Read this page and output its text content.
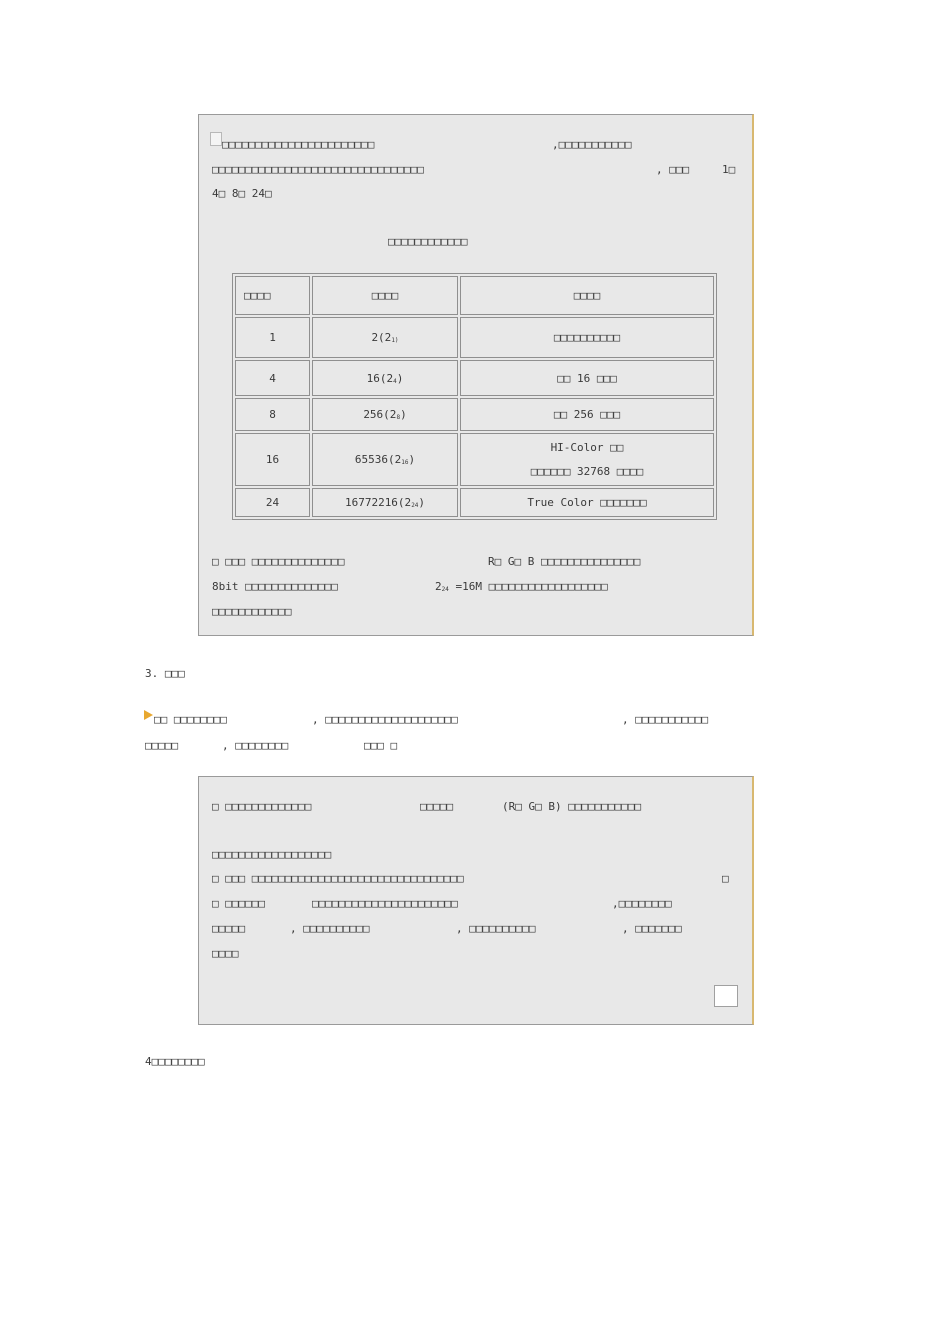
□□□□□□□□□□□□□□□□□□□□□□□	,□□□□□□□□□□□
□□□□□□□□□□□□□□□□□□□□□□□□□□□□□□□□	, □□□	1□
4□ 8□ 24□
□□□□□□□□□□□□
□□□□	□□□□	□□□□
1	2(2$^{1)}$	□□□□□□□□□□
4	$16(2^4)$	□□ 16 □□□
8	$256(2^8)$	□□ 256 □□□
16	$65536(2^{16})$	HI-Color □□
□□□□□□ 32768 □□□□

24	$16772216(2^{24})$	True Color □□□□□□□
□ □□□ □□□□□□□□□□□□□□	R□ G□ B □□□□□□□□□□□□□□□
8bit □□□□□□□□□□□□□□	$2^{24} =16M$ □□□□□□□□□□□□□□□□□□
□□□□□□□□□□□□
3. □□□
□□ □□□□□□□□	, □□□□□□□□□□□□□□□□□□□□	, □□□□□□□□□□□
□□□□□	, □□□□□□□□	□□□ □
□ □□□□□□□□□□□□□	□□□□□	(R□ G□ B) □□□□□□□□□□□
□□□□□□□□□□□□□□□□□□
□ □□□ □□□□□□□□□□□□□□□□□□□□□□□□□□□□□□□□	□
□ □□□□□□	□□□□□□□□□□□□□□□□□□□□□□	,□□□□□□□□
□□□□□	, □□□□□□□□□□	, □□□□□□□□□□	, □□□□□□□
□□□□
4□□□□□□□□
